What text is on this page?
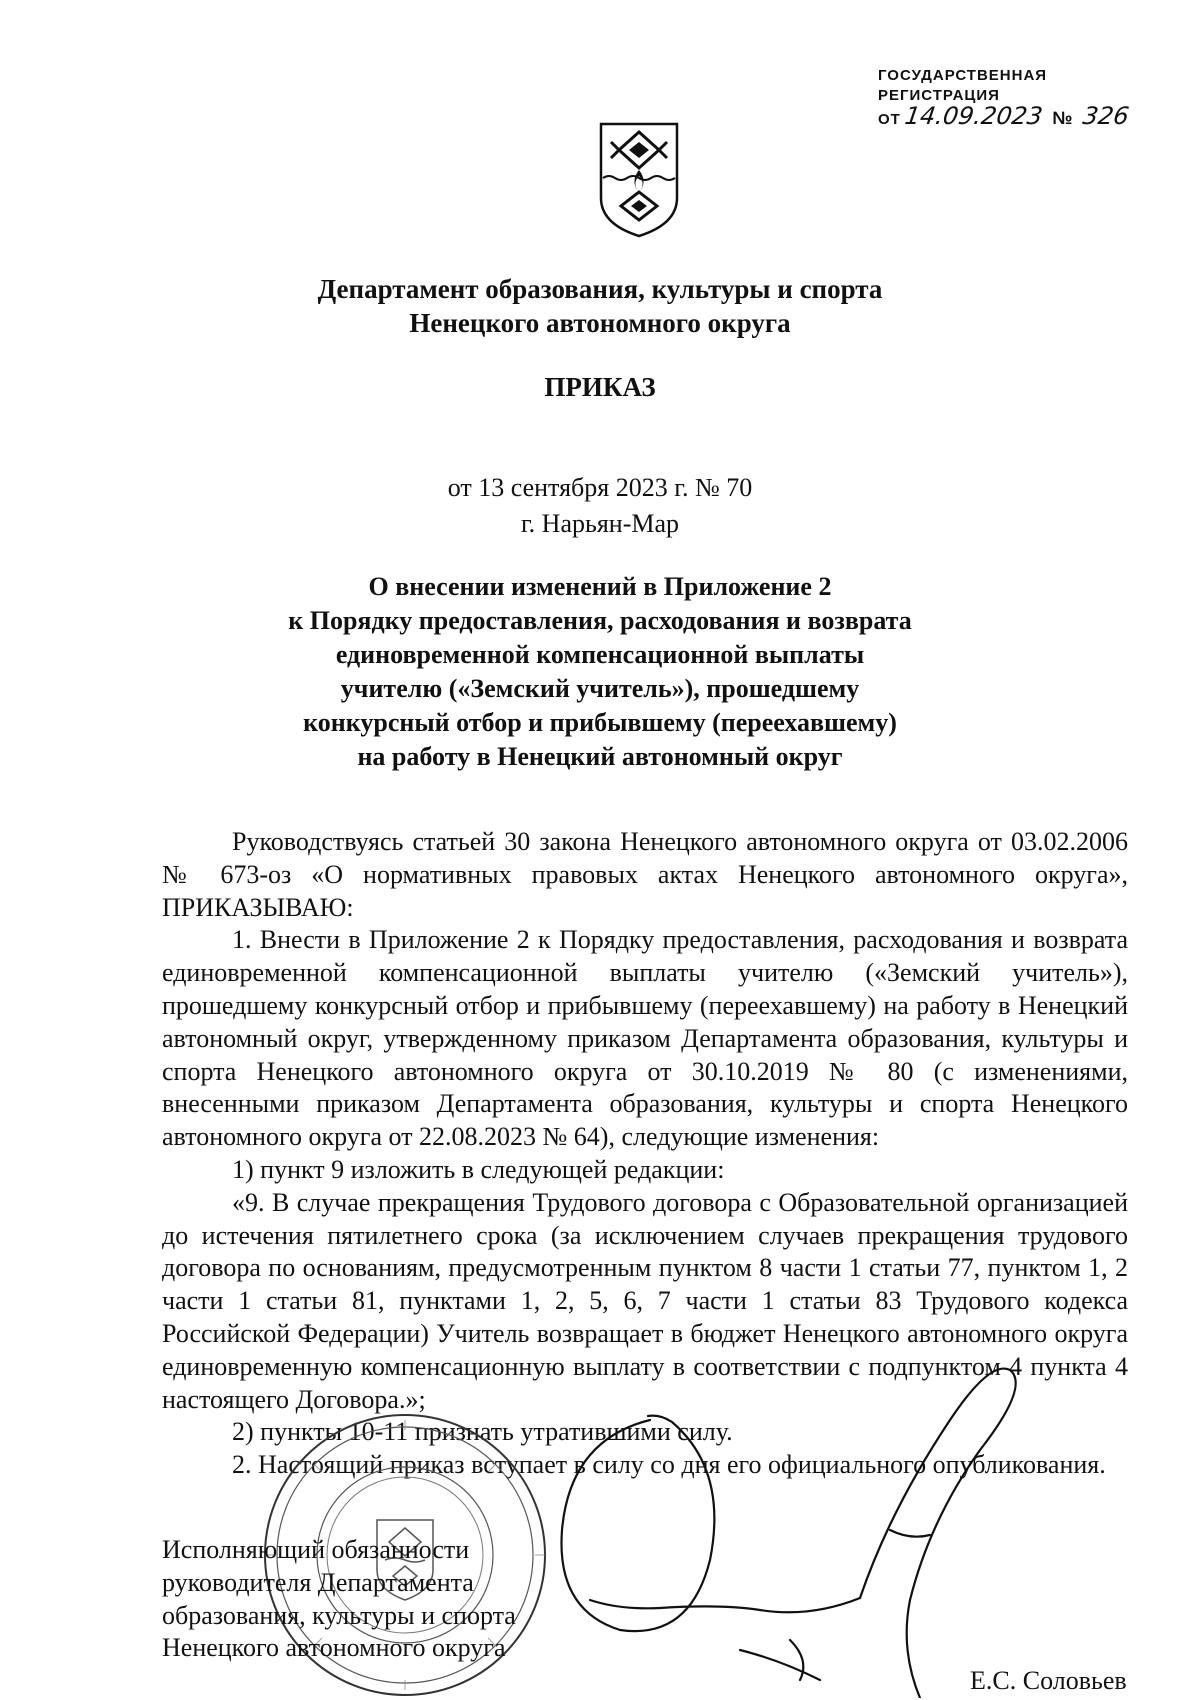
ГОСУДАРСТВЕННАЯ
РЕГИСТРАЦИЯ
ОТ 14.09.2023 № 326
Департамент образования, культуры и спорта
Ненецкого автономного округа
ПРИКАЗ
от 13 сентября 2023 г. № 70
г. Нарьян-Мар
О внесении изменений в Приложение 2
к Порядку предоставления, расходования и возврата
единовременной компенсационной выплаты
учителю («Земский учитель»), прошедшему
конкурсный отбор и прибывшему (переехавшему)
на работу в Ненецкий автономный округ

Руководствуясь статьей 30 закона Ненецкого автономного округа от 03.02.2006 № 673-оз «О нормативных правовых актах Ненецкого автономного округа», ПРИКАЗЫВАЮ:

1. Внести в Приложение 2 к Порядку предоставления, расходования и возврата единовременной компенсационной выплаты учителю («Земский учитель»), прошедшему конкурсный отбор и прибывшему (переехавшему) на работу в Ненецкий автономный округ, утвержденному приказом Департамента образования, культуры и спорта Ненецкого автономного округа от 30.10.2019 № 80 (с изменениями, внесенными приказом Департамента образования, культуры и спорта Ненецкого автономного округа от 22.08.2023 № 64), следующие изменения:

1) пункт 9 изложить в следующей редакции:

«9. В случае прекращения Трудового договора с Образовательной организацией до истечения пятилетнего срока (за исключением случаев прекращения трудового договора по основаниям, предусмотренным пунктом 8 части 1 статьи 77, пунктом 1, 2 части 1 статьи 81, пунктами 1, 2, 5, 6, 7 части 1 статьи 83 Трудового кодекса Российской Федерации) Учитель возвращает в бюджет Ненецкого автономного округа единовременную компенсационную выплату в соответствии с подпунктом 4 пункта 4 настоящего Договора.»;

2) пункты 10-11 признать утратившими силу.

2. Настоящий приказ вступает в силу со дня его официального опубликования.

Исполняющий обязанности
руководителя Департамента
образования, культуры и спорта
Ненецкого автономного округа
Е.С. Соловьев
